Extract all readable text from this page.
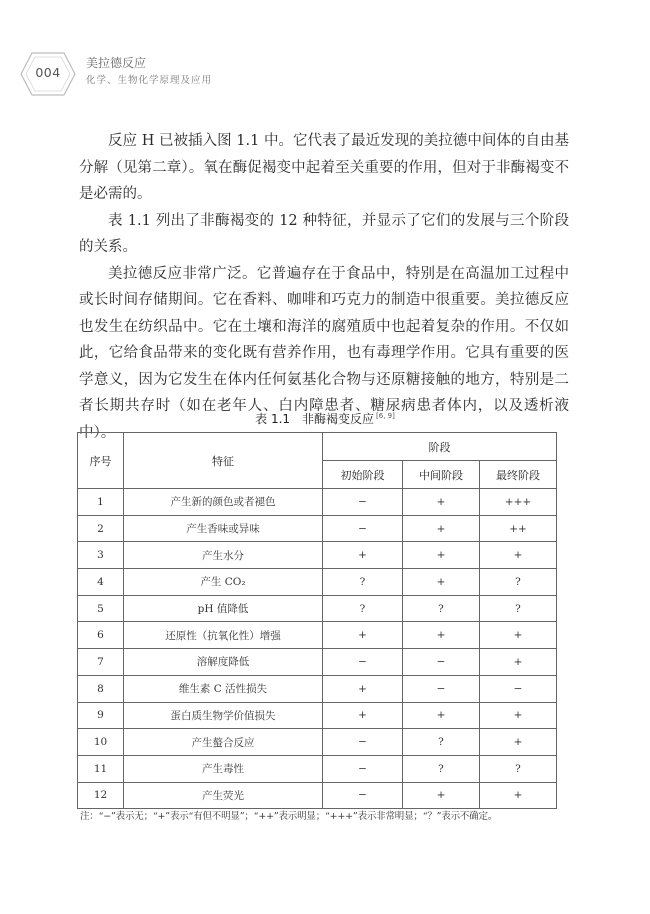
004
美拉德反应
化学、生物化学原理及应用

反应 H 已被插入图 1.1 中。它代表了最近发现的美拉德中间体的自由基分解（见第二章）。氧在酶促褐变中起着至关重要的作用，但对于非酶褐变不是必需的。

表 1.1 列出了非酶褐变的 12 种特征，并显示了它们的发展与三个阶段的关系。

美拉德反应非常广泛。它普遍存在于食品中，特别是在高温加工过程中或长时间存储期间。它在香料、咖啡和巧克力的制造中很重要。美拉德反应也发生在纺织品中。它在土壤和海洋的腐殖质中也起着复杂的作用。不仅如此，它给食品带来的变化既有营养作用，也有毒理学作用。它具有重要的医学意义，因为它发生在体内任何氨基化合物与还原糖接触的地方，特别是二者长期共存时（如在老年人、白内障患者、糖尿病患者体内，以及透析液中）。

表 1.1　非酶褐变反应 [6, 9]
序号	特征	阶段		
		初始阶段	中间阶段	最终阶段
1	产生新的颜色或者褪色	−	+	+++
2	产生香味或异味	−	+	++
3	产生水分	+	+	+
4	产生 CO₂	?	+	?
5	pH 值降低	?	?	?
6	还原性（抗氧化性）增强	+	+	+
7	溶解度降低	−	−	+
8	维生素 C 活性损失	+	−	−
9	蛋白质生物学价值损失	+	+	+
10	产生螯合反应	−	?	+
11	产生毒性	−	?	?
12	产生荧光	−	+	+
注：“−”表示无；“+”表示“有但不明显”；“++”表示明显；“+++”表示非常明显；“？”表示不确定。
